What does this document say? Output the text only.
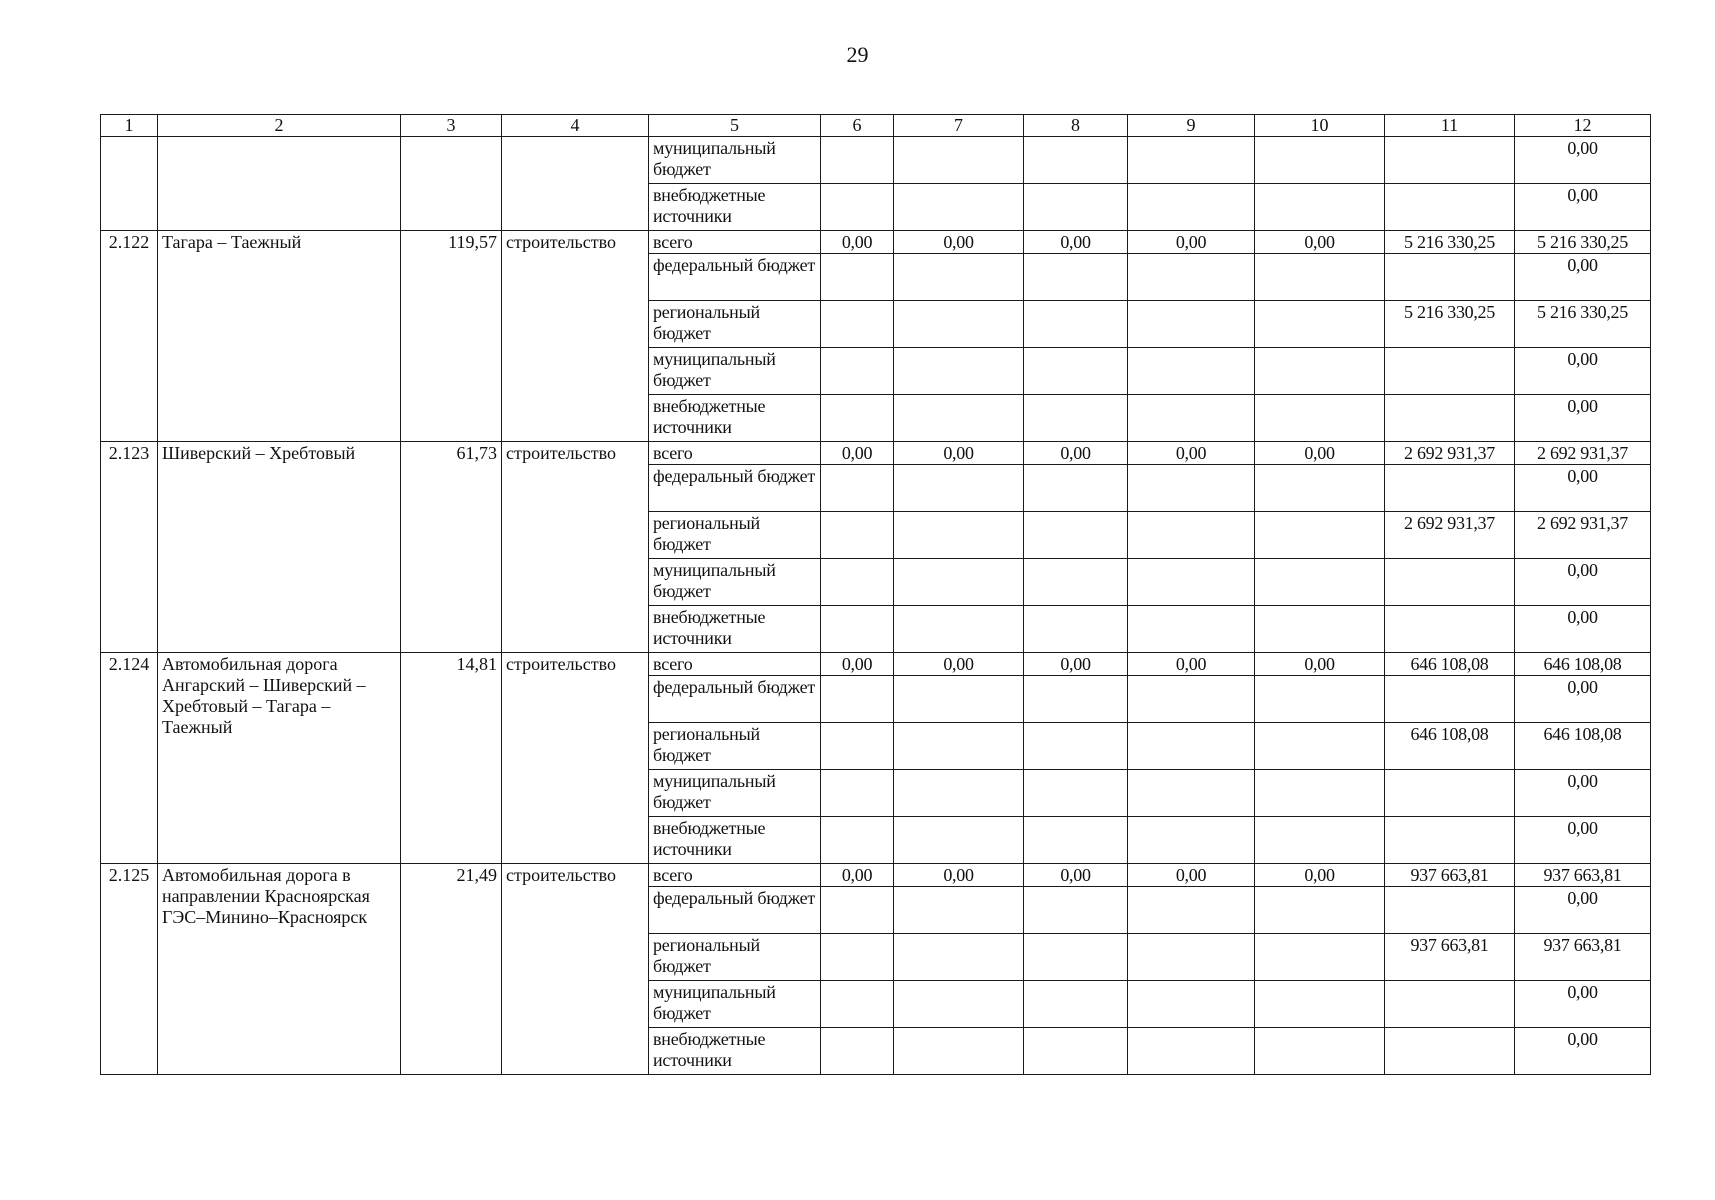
29
1	2	3	4	5	6	7	8	9	10	11	12
				муниципальный бюджет							0,00
				внебюджетные источники							0,00
2.122	Тагара – Таежный	119,57	строительство	всего	0,00	0,00	0,00	0,00	0,00	5 216 330,25	5 216 330,25
				федеральный бюджет							0,00
				региональный бюджет						5 216 330,25	5 216 330,25
				муниципальный бюджет							0,00
				внебюджетные источники							0,00
2.123	Шиверский – Хребтовый	61,73	строительство	всего	0,00	0,00	0,00	0,00	0,00	2 692 931,37	2 692 931,37
				федеральный бюджет							0,00
				региональный бюджет						2 692 931,37	2 692 931,37
				муниципальный бюджет							0,00
				внебюджетные источники							0,00
2.124	Автомобильная дорога Ангарский – Шиверский – Хребтовый – Тагара – Таежный	14,81	строительство	всего	0,00	0,00	0,00	0,00	0,00	646 108,08	646 108,08
				федеральный бюджет							0,00
				региональный бюджет						646 108,08	646 108,08
				муниципальный бюджет							0,00
				внебюджетные источники							0,00
2.125	Автомобильная дорога в направлении Красноярская ГЭС–Минино–Красноярск	21,49	строительство	всего	0,00	0,00	0,00	0,00	0,00	937 663,81	937 663,81
				федеральный бюджет							0,00
				региональный бюджет						937 663,81	937 663,81
				муниципальный бюджет							0,00
				внебюджетные источники							0,00
